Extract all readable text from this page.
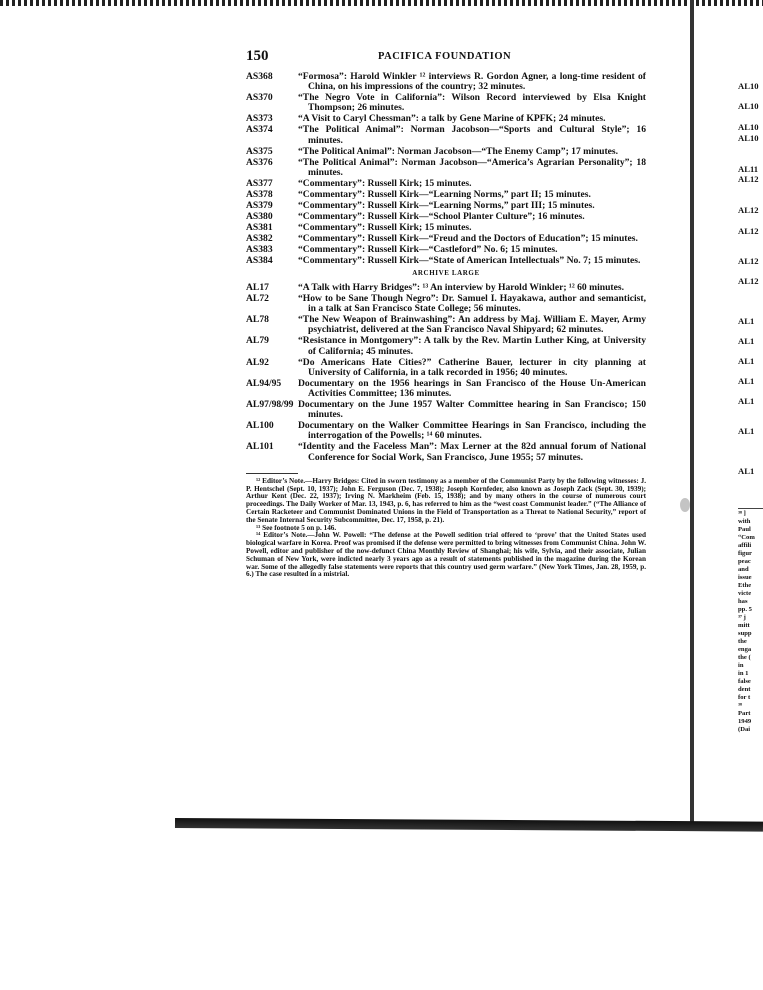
150	PACIFICA FOUNDATION
AS368	“Formosa”: Harold Winkler ¹² interviews R. Gordon Agner, a long-time resident of China, on his impressions of the country; 32 minutes.
AS370	“The Negro Vote in California”: Wilson Record interviewed by Elsa Knight Thompson; 26 minutes.
AS373	“A Visit to Caryl Chessman”: a talk by Gene Marine of KPFK; 24 minutes.
AS374	“The Political Animal”: Norman Jacobson—“Sports and Cultural Style”; 16 minutes.
AS375	“The Political Animal”: Norman Jacobson—“The Enemy Camp”; 17 minutes.
AS376	“The Political Animal”: Norman Jacobson—“America’s Agrarian Personality”; 18 minutes.
AS377	“Commentary”: Russell Kirk; 15 minutes.
AS378	“Commentary”: Russell Kirk—“Learning Norms,” part II; 15 minutes.
AS379	“Commentary”: Russell Kirk—“Learning Norms,” part III; 15 minutes.
AS380	“Commentary”: Russell Kirk—“School Planter Culture”; 16 minutes.
AS381	“Commentary”: Russell Kirk; 15 minutes.
AS382	“Commentary”: Russell Kirk—“Freud and the Doctors of Education”; 15 minutes.
AS383	“Commentary”: Russell Kirk—“Castleford” No. 6; 15 minutes.
AS384	“Commentary”: Russell Kirk—“State of American Intellectuals” No. 7; 15 minutes.
ARCHIVE LARGE
AL17	“A Talk with Harry Bridges”: ¹³ An interview by Harold Winkler; ¹² 60 minutes.
AL72	“How to be Sane Though Negro”: Dr. Samuel I. Hayakawa, author and semanticist, in a talk at San Francisco State College; 56 minutes.
AL78	“The New Weapon of Brainwashing”: An address by Maj. William E. Mayer, Army psychiatrist, delivered at the San Francisco Naval Shipyard; 62 minutes.
AL79	“Resistance in Montgomery”: A talk by the Rev. Martin Luther King, at University of California; 45 minutes.
AL92	“Do Americans Hate Cities?” Catherine Bauer, lecturer in city planning at University of California, in a talk recorded in 1956; 40 minutes.
AL94/95	Documentary on the 1956 hearings in San Francisco of the House Un-American Activities Committee; 136 minutes.
AL97/98/99 Documentary on the June 1957 Walter Committee hearing in San Francisco; 150 minutes.
AL100	Documentary on the Walker Committee Hearings in San Francisco, including the interrogation of the Powells; ¹⁴ 60 minutes.
AL101	“Identity and the Faceless Man”: Max Lerner at the 82d annual forum of National Conference for Social Work, San Francisco, June 1955; 57 minutes.
¹² Editor’s Note.—Harry Bridges: Cited in sworn testimony as a member of the Communist Party by the following witnesses: J. P. Hentschel (Sept. 10, 1937); John E. Ferguson (Dec. 7, 1938); Joseph Kornfeder, also known as Joseph Zack (Sept. 30, 1939); Arthur Kent (Dec. 22, 1937); Irving N. Markheim (Feb. 15, 1938); and by many others in the course of numerous court proceedings. The Daily Worker of Mar. 13, 1943, p. 6, has referred to him as the “west coast Communist leader.” (“The Alliance of Certain Racketeer and Communist Dominated Unions in the Field of Transportation as a Threat to National Security,” report of the Senate Internal Security Subcommittee, Dec. 17, 1958, p. 21).
¹³ See footnote 5 on p. 146.
¹⁴ Editor’s Note.—John W. Powell: “The defense at the Powell sedition trial offered to ‘prove’ that the United States used biological warfare in Korea. Proof was promised if the defense were permitted to bring witnesses from Communist China. John W. Powell, editor and publisher of the now-defunct China Monthly Review of Shanghai; his wife, Sylvia, and their associate, Julian Schuman of New York, were indicted nearly 3 years ago as a result of statements published in the magazine during the Korean war. Some of the allegedly false statements were reports that this country used germ warfare.” (New York Times, Jan. 28, 1959, p. 6.) The case resulted in a mistrial.
AL10
AL10
AL10
AL10
AL11
AL12
AL12
AL12
AL12
AL12
AL1
AL1
AL1
AL1
AL1
AL1
AL1
³⁸ ]
with
Paul
“Com
affili
figur
peac
and
issue
Ethe
victe
has
pp. 5
³⁷ j
mitt
supp
the
enga
the (
in
in 1
false
dent
for t
³⁸
Part
1949
(Dai
